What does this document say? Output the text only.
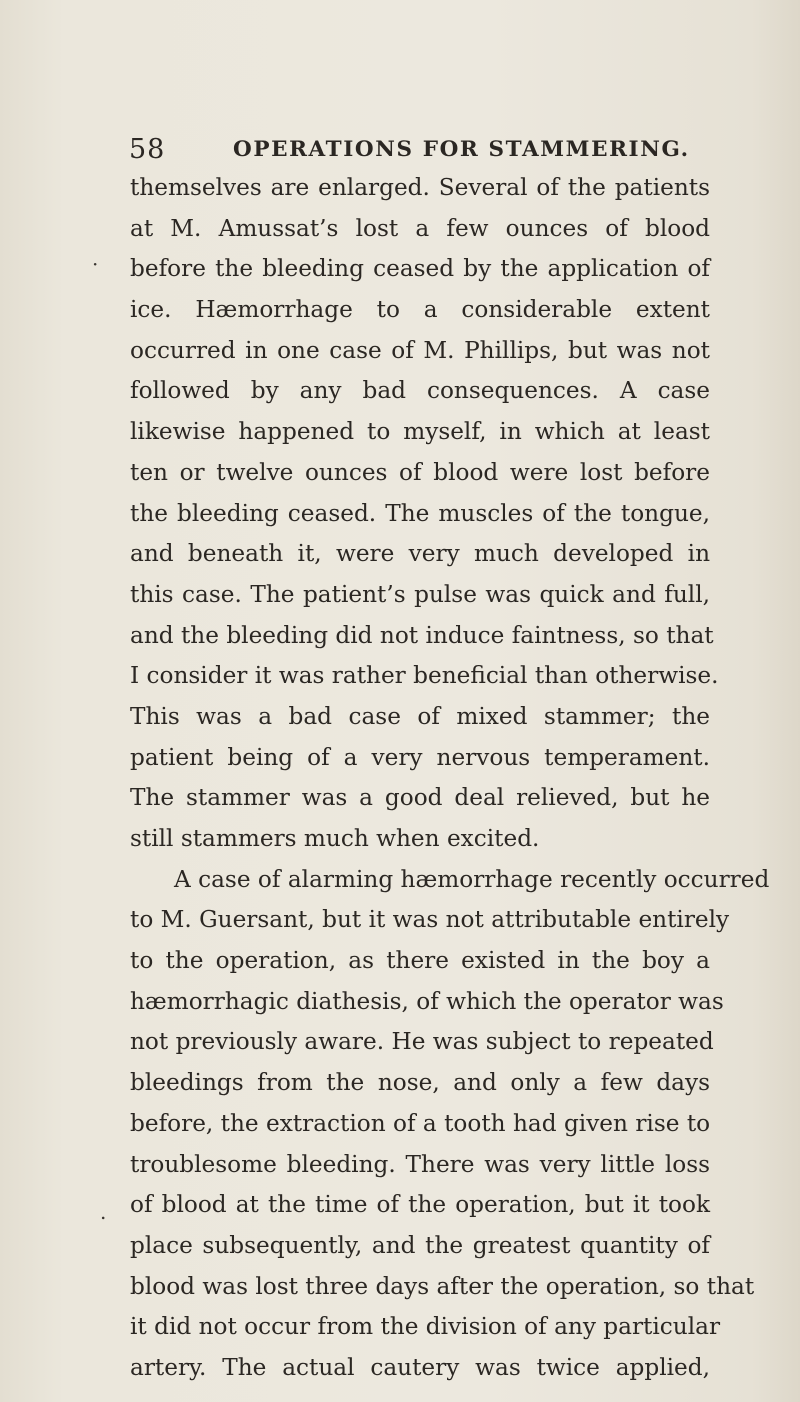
58	OPERATIONS FOR STAMMERING.
·
.
themselves are enlarged. Several of the patients
at M. Amussat’s lost a few ounces of blood
before the bleeding ceased by the application of
ice. Hæmorrhage to a considerable extent
occurred in one case of M. Phillips, but was not
followed by any bad consequences. A case
likewise happened to myself, in which at least
ten or twelve ounces of blood were lost before
the bleeding ceased. The muscles of the tongue,
and beneath it, were very much developed in
this case. The patient’s pulse was quick and full,
and the bleeding did not induce faintness, so that
I consider it was rather beneficial than otherwise.
This was a bad case of mixed stammer; the
patient being of a very nervous temperament.
The stammer was a good deal relieved, but he
still stammers much when excited.
A case of alarming hæmorrhage recently occurred
to M. Guersant, but it was not attributable entirely
to the operation, as there existed in the boy a
hæmorrhagic diathesis, of which the operator was
not previously aware. He was subject to repeated
bleedings from the nose, and only a few days
before, the extraction of a tooth had given rise to
troublesome bleeding. There was very little loss
of blood at the time of the operation, but it took
place subsequently, and the greatest quantity of
blood was lost three days after the operation, so that
it did not occur from the division of any particular
artery. The actual cautery was twice applied,
